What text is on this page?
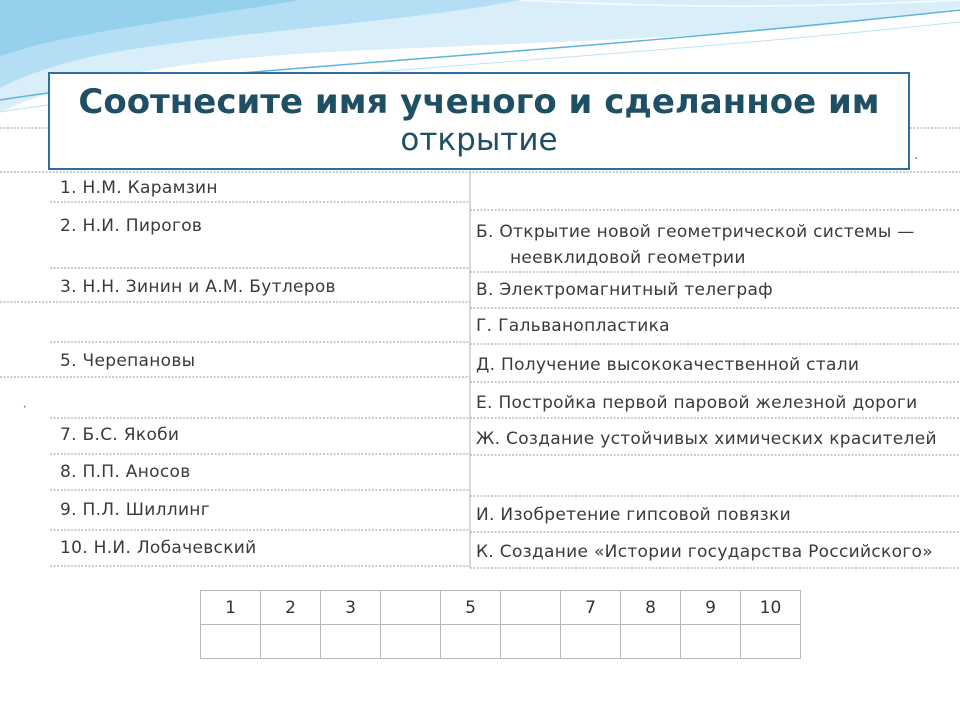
Соотнесите имя ученого и сделанное им
открытие	.
·
1. Н.М. Карамзин
2. Н.И. Пирогов
3. Н.Н. Зинин и А.М. Бутлеров
5. Черепановы
7. Б.С. Якоби
8. П.П. Аносов
9. П.Л. Шиллинг
10. Н.И. Лобачевский
Б. Открытие новой геометрической системы —
неевклидовой геометрии
В. Электромагнитный телеграф
Г. Гальванопластика
Д. Получение высококачественной стали
Е. Постройка первой паровой железной дороги
Ж. Создание устойчивых химических красителей
И. Изобретение гипсовой повязки
К. Создание «Истории государства Российского»
1	2	3		5		7	8	9	10
